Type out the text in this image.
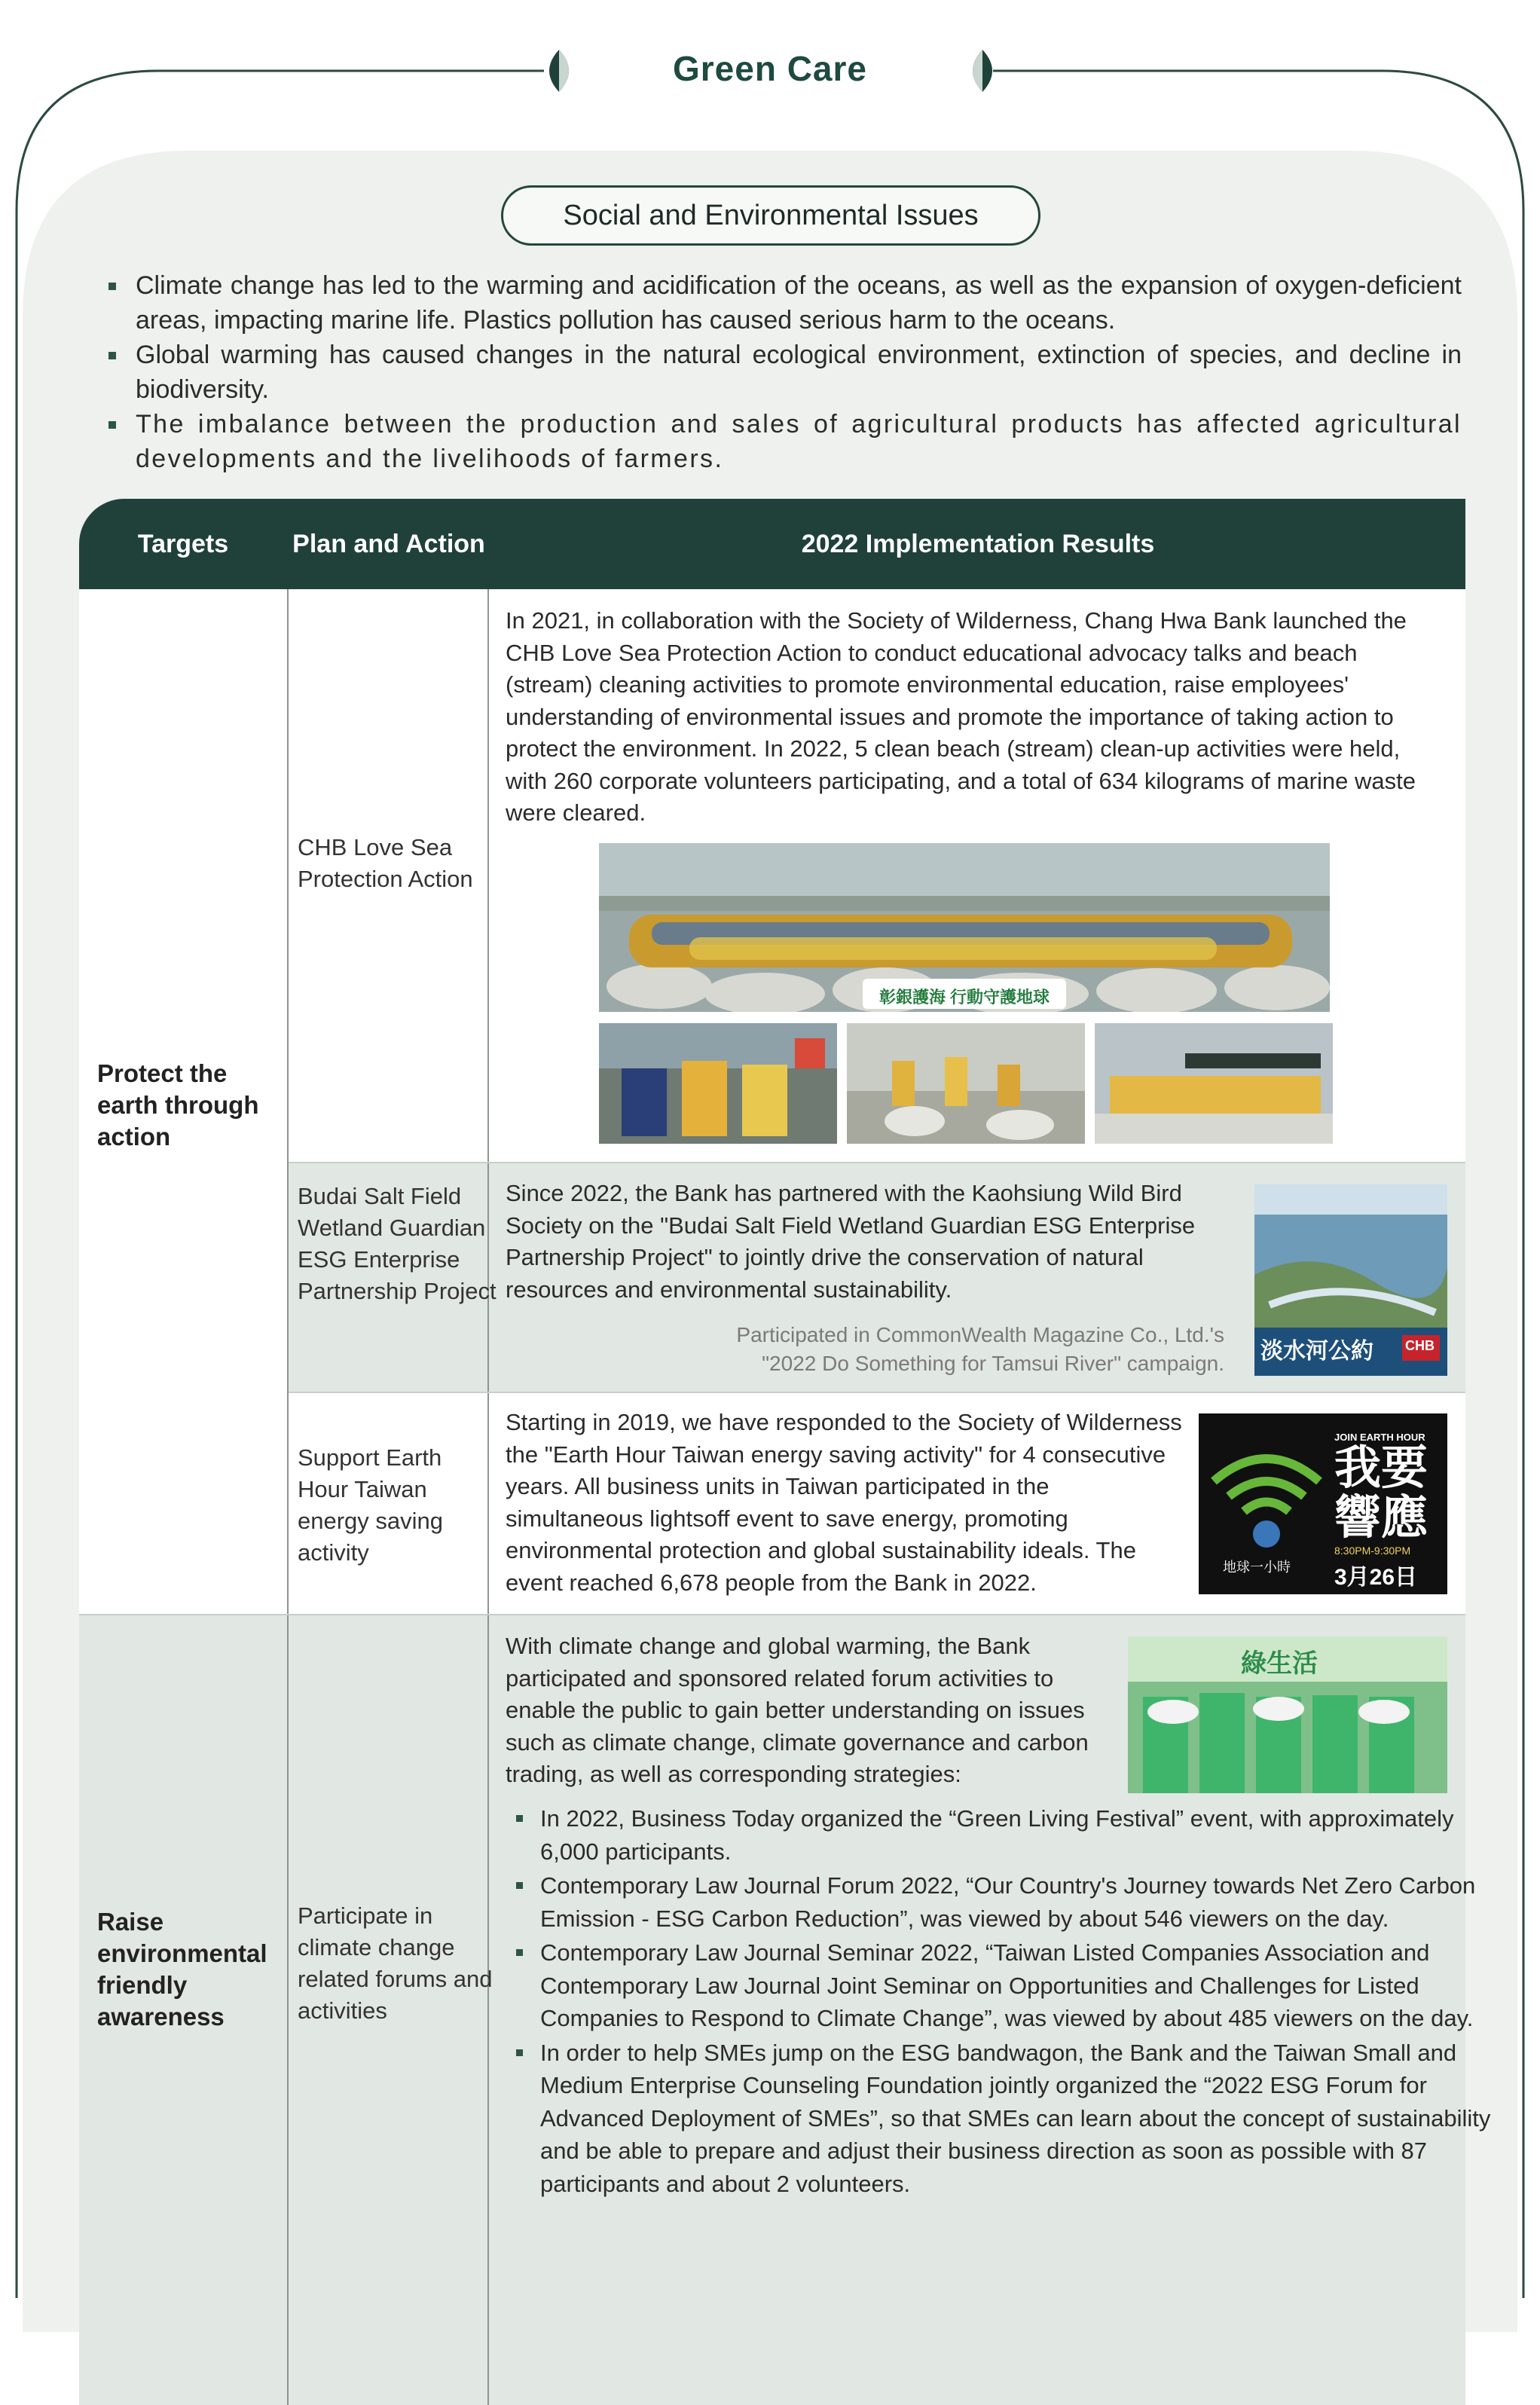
Green Care
Social and Environmental Issues
Climate change has led to the warming and acidification of the oceans, as well as the expansion of oxygen-deficient areas, impacting marine life. Plastics pollution has caused serious harm to the oceans.
Global warming has caused changes in the natural ecological environment, extinction of species, and decline in biodiversity.
The imbalance between the production and sales of agricultural products has affected agricultural developments and the livelihoods of farmers.
Targets	Plan and Action	2022 Implementation Results
Protect the earth through action
Raise environmental friendly awareness
CHB Love Sea Protection Action
In 2021, in collaboration with the Society of Wilderness, Chang Hwa Bank launched the CHB Love Sea Protection Action to conduct educational advocacy talks and beach (stream) cleaning activities to promote environmental education, raise employees' understanding of environmental issues and promote the importance of taking action to protect the environment. In 2022, 5 clean beach (stream) clean-up activities were held, with 260 corporate volunteers participating, and a total of 634 kilograms of marine waste were cleared.
彰銀護海 行動守護地球
Budai Salt Field Wetland Guardian ESG Enterprise Partnership Project
Since 2022, the Bank has partnered with the Kaohsiung Wild Bird Society on the "Budai Salt Field Wetland Guardian ESG Enterprise Partnership Project" to jointly drive the conservation of natural resources and environmental sustainability.
Participated in CommonWealth Magazine Co., Ltd.'s
"2022 Do Something for Tamsui River" campaign. 淡水河公約 CHB
Support Earth Hour Taiwan energy saving activity
Starting in 2019, we have responded to the Society of Wilderness the "Earth Hour Taiwan energy saving activity" for 4 consecutive years. All business units in Taiwan participated in the simultaneous lightsoff event to save energy, promoting environmental protection and global sustainability ideals. The event reached 6,678 people from the Bank in 2022.
JOIN EARTH HOUR
我要
響應
地球一小時
8:30PM-9:30PM
3月26日
Participate in climate change related forums and activities
With climate change and global warming, the Bank participated and sponsored related forum activities to enable the public to gain better understanding on issues such as climate change, climate governance and carbon trading, as well as corresponding strategies:
綠生活
In 2022, Business Today organized the “Green Living Festival” event, with approximately 6,000 participants.
Contemporary Law Journal Forum 2022, “Our Country's Journey towards Net Zero Carbon Emission - ESG Carbon Reduction”, was viewed by about 546 viewers on the day.
Contemporary Law Journal Seminar 2022, “Taiwan Listed Companies Association and Contemporary Law Journal Joint Seminar on Opportunities and Challenges for Listed Companies to Respond to Climate Change”, was viewed by about 485 viewers on the day.
In order to help SMEs jump on the ESG bandwagon, the Bank and the Taiwan Small and Medium Enterprise Counseling Foundation jointly organized the “2022 ESG Forum for Advanced Deployment of SMEs”, so that SMEs can learn about the concept of sustainability and be able to prepare and adjust their business direction as soon as possible with 87 participants and about 2 volunteers.
